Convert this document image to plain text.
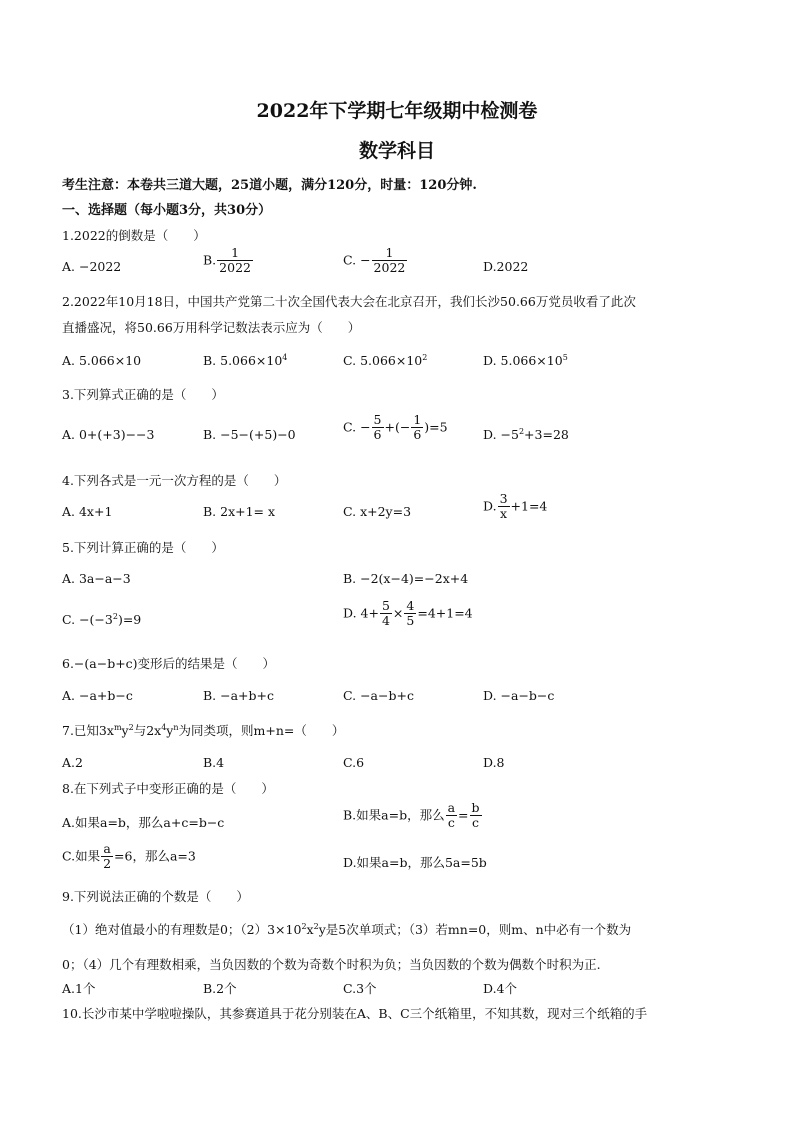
2022年下学期七年级期中检测卷
数学科目
考生注意：本卷共三道大题，25道小题，满分120分，时量：120分钟.
一、选择题（每小题3分，共30分）
1.2022的倒数是（　　）
A. −2022	B. $\frac{1}{2022}$	C. − $\frac{1}{2022}$	D.2022
2.2022年10月18日，中国共产党第二十次全国代表大会在北京召开，我们长沙50.66万党员收看了此次
直播盛况，将50.66万用科学记数法表示应为（　　）
A. 5.066×10	B. $5.066\times 10^4$	C. $5.066\times 10^2$	D. $5.066\times 10^5$
3.下列算式正确的是（　　）
A. 0+(+3)−−3	B. −5−(+5)−0
C. − $\frac{5}{6}$ +(− $\frac{1}{6} )=5$
D. $-5^2+3=28$
4.下列各式是一元一次方程的是（　　）
A. 4x+1	B. 2x+1= x	C. x+2y=3	D. $\frac{3}{x} +1=4$
5.下列计算正确的是（　　）
A. 3a−a−3	B. −2(x−4)=−2x+4
C. $-(-3^2)=9$	D. $4+ \frac{5}{4} \times \frac{4}{5} =4+1=4$
6.−(a−b+c)变形后的结果是（　　）
A. −a+b−c	B. −a+b+c	C. −a−b+c	D. −a−b−c
7.已知$3x^my^2$与$2x^4y^n$为同类项，则m+n=（　　）
A.2	B.4	C.6	D.8
8.在下列式子中变形正确的是（　　）
A.如果a=b，那么a+c=b−c
B.如果a=b，那么 $\frac{a}{c} = \frac{b}{c}$
C.如果 $\frac{a}{2} =6$，那么a=3	D.如果a=b，那么5a=5b
9.下列说法正确的个数是（　　）
（1）绝对值最小的有理数是0；$(2)3\times 10^2x^2y$是5次单项式；（3）若mn=0，则m、n中必有一个数为
0；（4）几个有理数相乘，当负因数的个数为奇数个时积为负；当负因数的个数为偶数个时积为正.
A.1个	B.2个	C.3个	D.4个
10.长沙市某中学啦啦操队，其参赛道具于花分别装在A、B、C三个纸箱里，不知其数，现对三个纸箱的手
